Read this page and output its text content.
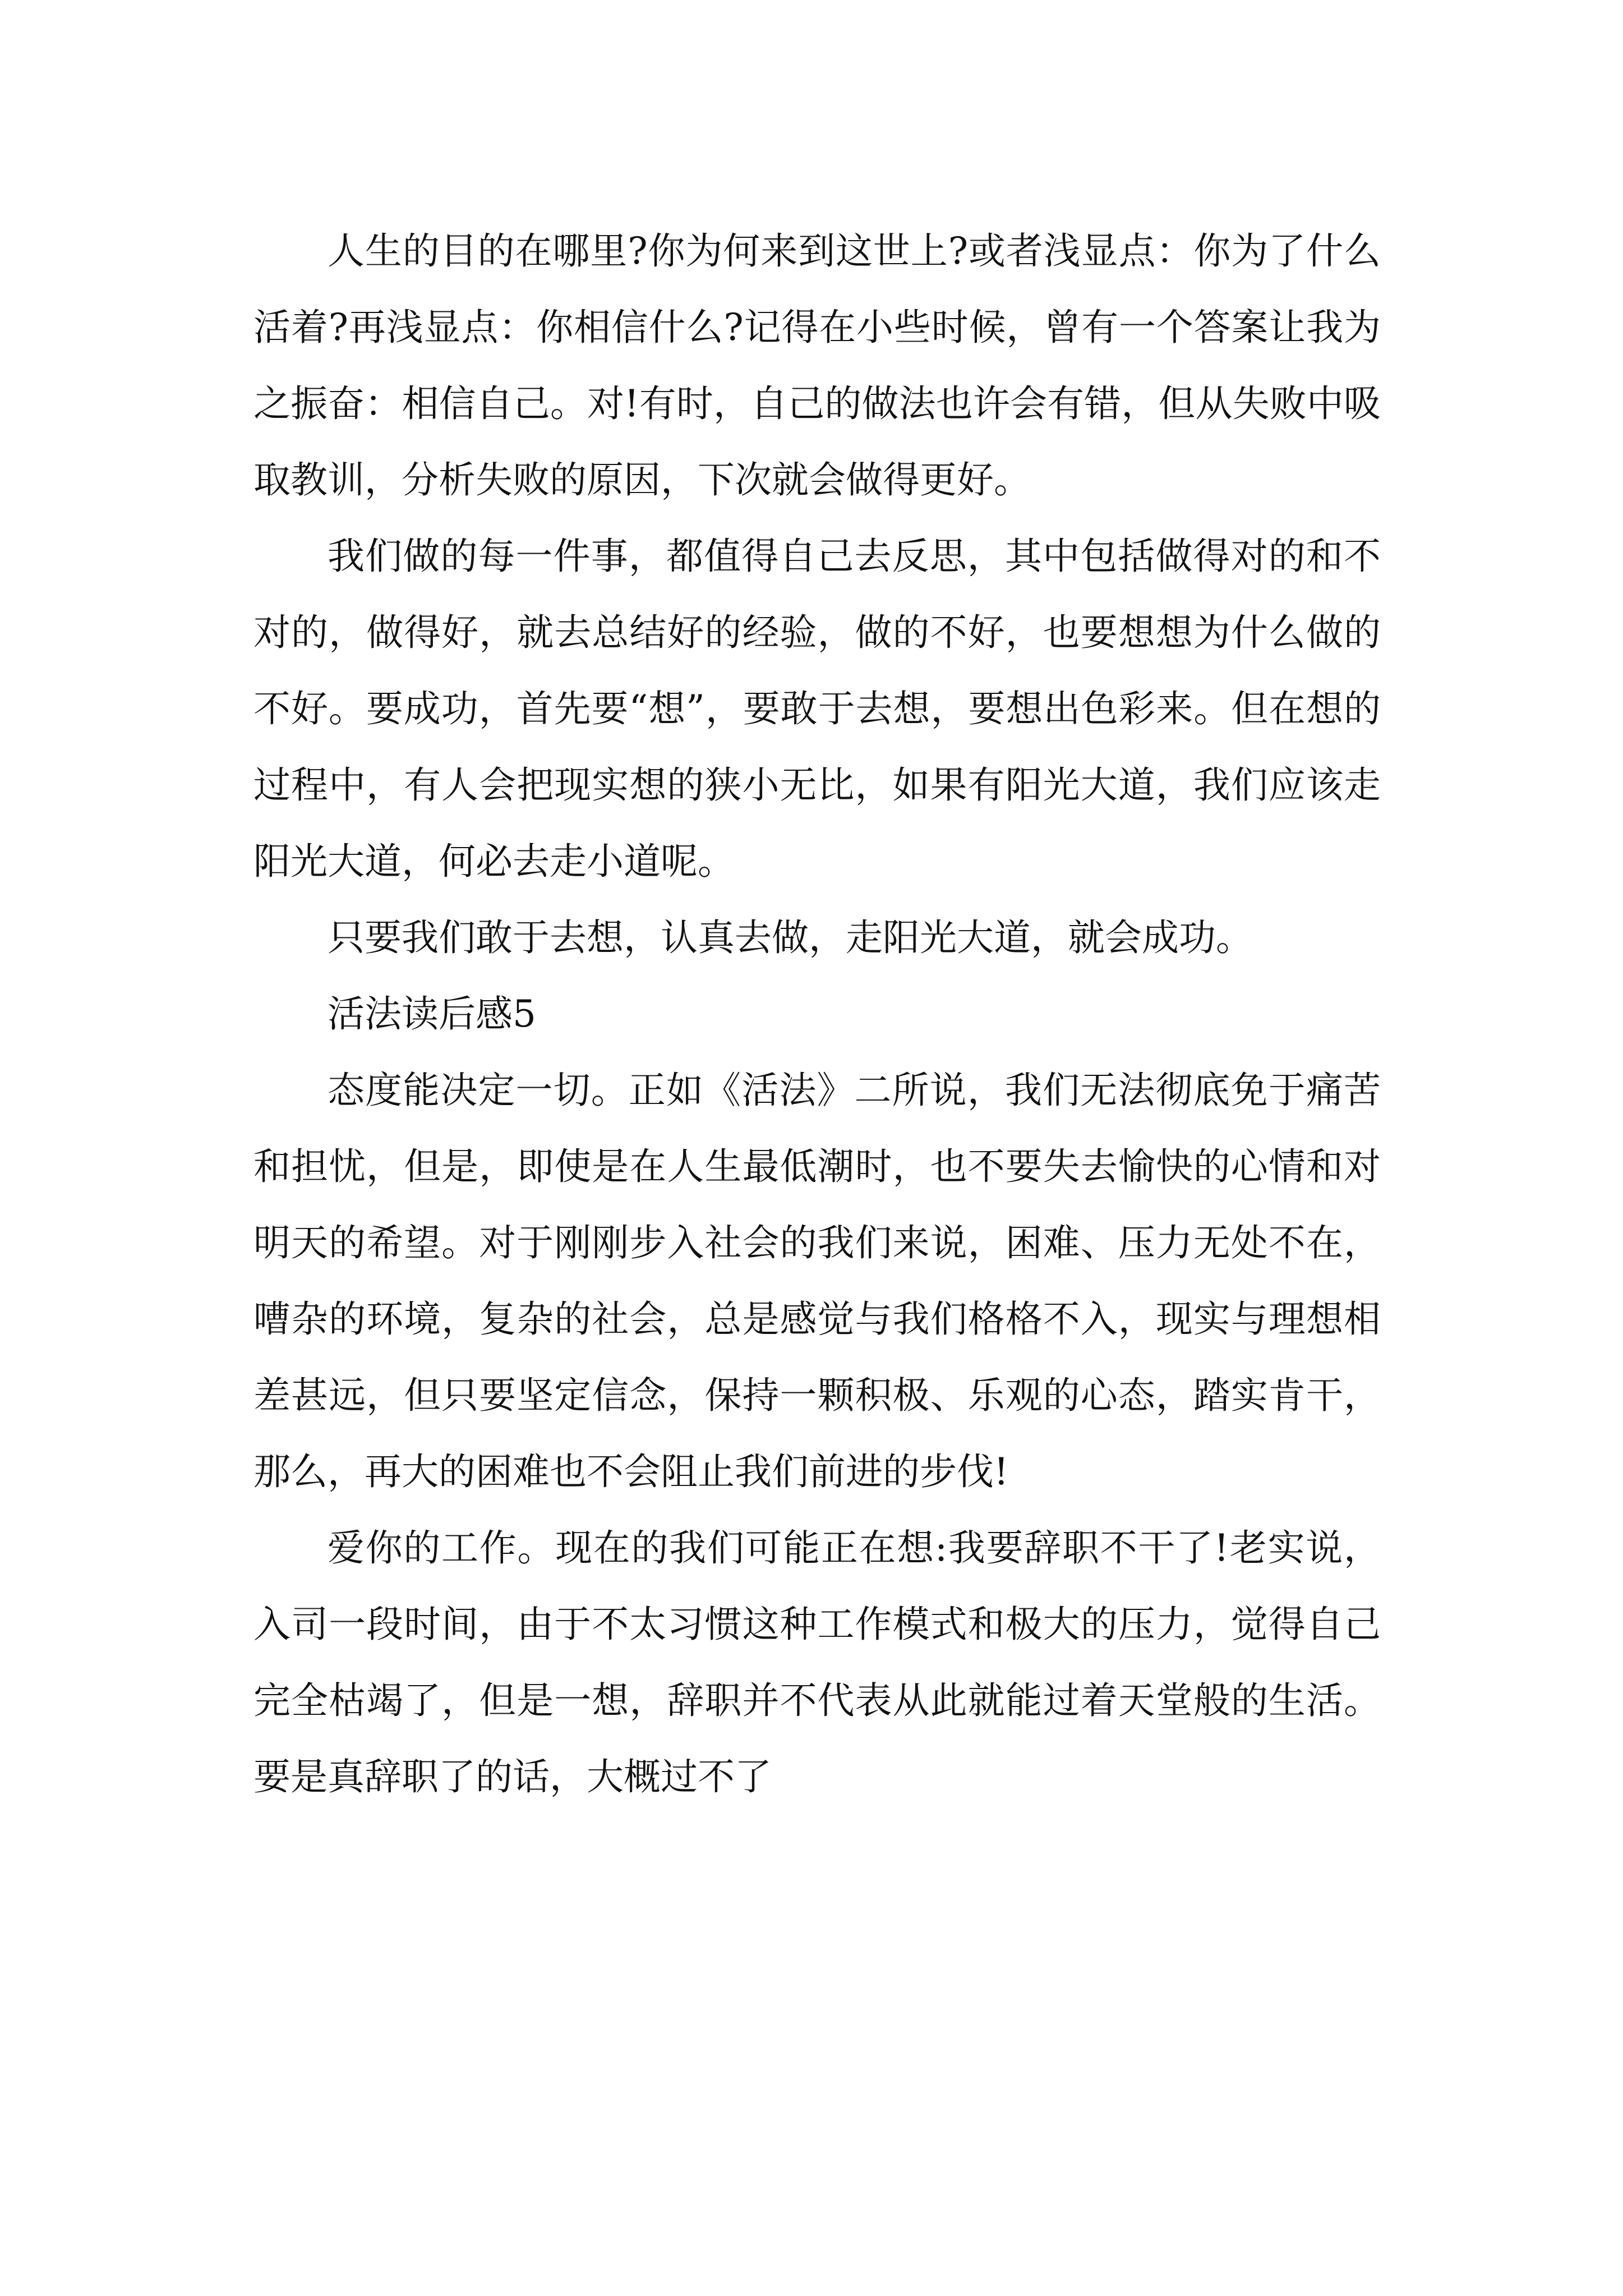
人生的目的在哪里?你为何来到这世上?或者浅显点：你为了什么活着?再浅显点：你相信什么?记得在小些时候，曾有一个答案让我为之振奋：相信自己。对!有时，自己的做法也许会有错，但从失败中吸取教训，分析失败的原因，下次就会做得更好。

我们做的每一件事，都值得自己去反思，其中包括做得对的和不对的，做得好，就去总结好的经验，做的不好，也要想想为什么做的不好。要成功，首先要“想”，要敢于去想，要想出色彩来。但在想的过程中，有人会把现实想的狭小无比，如果有阳光大道，我们应该走阳光大道，何必去走小道呢。

只要我们敢于去想，认真去做，走阳光大道，就会成功。

活法读后感5

态度能决定一切。正如《活法》二所说，我们无法彻底免于痛苦和担忧，但是，即使是在人生最低潮时，也不要失去愉快的心情和对明天的希望。对于刚刚步入社会的我们来说，困难、压力无处不在，嘈杂的环境，复杂的社会，总是感觉与我们格格不入，现实与理想相差甚远，但只要坚定信念，保持一颗积极、乐观的心态，踏实肯干，那么，再大的困难也不会阻止我们前进的步伐!

爱你的工作。现在的我们可能正在想:我要辞职不干了!老实说，入司一段时间，由于不太习惯这种工作模式和极大的压力，觉得自己完全枯竭了，但是一想，辞职并不代表从此就能过着天堂般的生活。要是真辞职了的话，大概过不了
